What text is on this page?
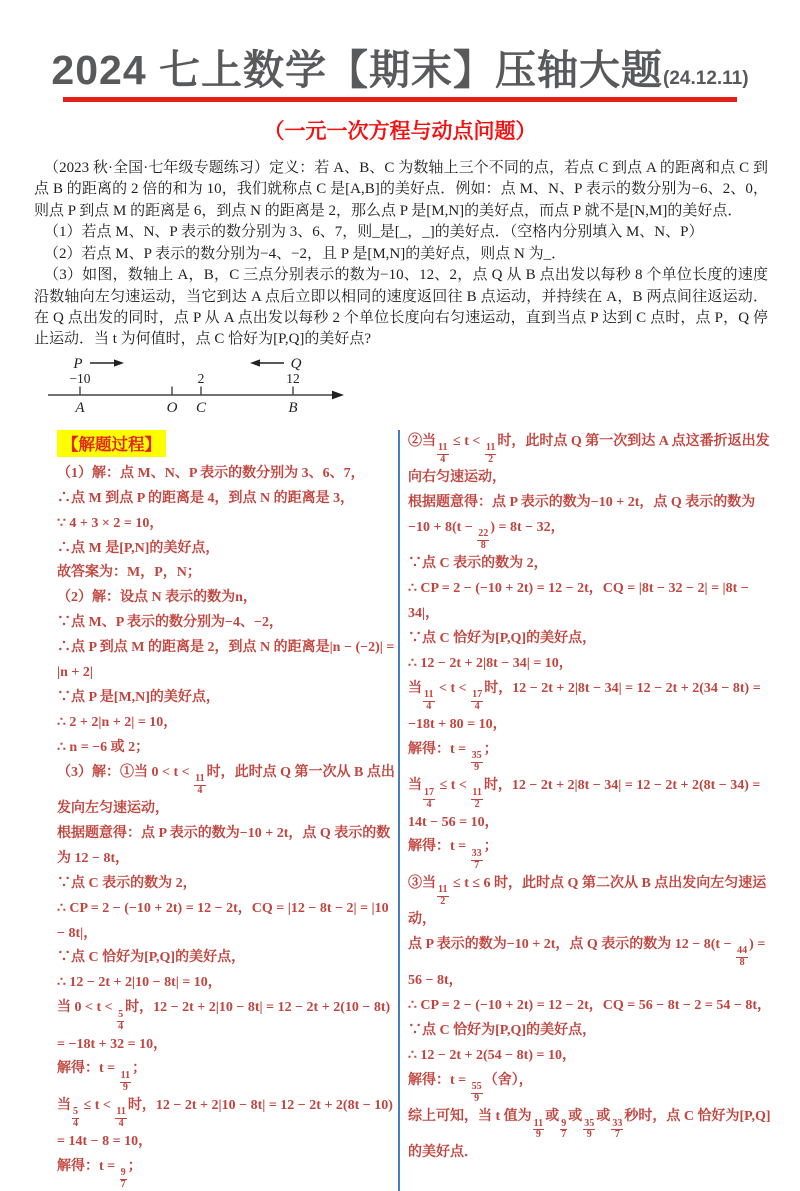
2024 七上数学【期末】压轴大题(24.12.11)
（一元一次方程与动点问题）

（2023 秋·全国·七年级专题练习）定义：若 A、B、C 为数轴上三个不同的点，若点 C 到点 A 的距离和点 C 到点 B 的距离的 2 倍的和为 10，我们就称点 C 是[A,B]的美好点．例如：点 M、N、P 表示的数分别为−6、2、0，则点 P 到点 M 的距离是 6，到点 N 的距离是 2，那么点 P 是[M,N]的美好点，而点 P 就不是[N,M]的美好点．

（1）若点 M、N、P 表示的数分别为 3、6、7，则_是[_，_]的美好点．（空格内分别填入 M、N、P）

（2）若点 M、P 表示的数分别为−4、−2，且 P 是[M,N]的美好点，则点 N 为_．

（3）如图，数轴上 A，B，C 三点分别表示的数为−10、12、2，点 Q 从 B 点出发以每秒 8 个单位长度的速度沿数轴向左匀速运动，当它到达 A 点后立即以相同的速度返回往 B 点运动，并持续在 A，B 两点间往返运动．在 Q 点出发的同时，点 P 从 A 点出发以每秒 2 个单位长度向右匀速运动，直到当点 P 达到 C 点时，点 P，Q 停止运动．当 t 为何值时，点 C 恰好为[P,Q]的美好点?

−10	2	12
A	O C	B
P	Q
【解题过程】
（1）解：点 M、N、P 表示的数分别为 3、6、7，
∴点 M 到点 P 的距离是 4，到点 N 的距离是 3，
∵ 4 + 3 × 2 = 10，
∴点 M 是[P,N]的美好点，
故答案为：M，P，N；
（2）解：设点 N 表示的数为n，
∵点 M、P 表示的数分别为−4、−2，
∴点 P 到点 M 的距离是 2，到点 N 的距离是|n − (−2)| = |n + 2|
∵点 P 是[M,N]的美好点，
∴ 2 + 2|n + 2| = 10，
∴ n = −6 或 2；
（3）解：①当 0 < t <
$\frac{11}{4}$
时，此时点 Q 第一次从 B 点出发向左匀速运动，
根据题意得：点 P 表示的数为−10 + 2t，点 Q 表示的数为 12 − 8t，
∵点 C 表示的数为 2，
∴ CP = 2 − (−10 + 2t) = 12 − 2t，CQ = |12 − 8t − 2| = |10 − 8t|，
∵点 C 恰好为[P,Q]的美好点，
∴ 12 − 2t + 2|10 − 8t| = 10，
当 0 < t <
$\frac{5}{4}$
时，12 − 2t + 2|10 − 8t| = 12 − 2t + 2(10 − 8t) = −18t + 32 = 10，
解得：t =
$\frac{11}{9}$
；
当
$\frac{5}{4}$
≤ t <
$\frac{11}{4}$
时，12 − 2t + 2|10 − 8t| = 12 − 2t + 2(8t − 10) = 14t − 8 = 10，
解得：t =
$\frac{9}{7}$
；
②当
$\frac{11}{4}$
≤ t <
$\frac{11}{2}$
时，此时点 Q 第一次到达 A 点这番折返出发向右匀速运动，
根据题意得：点 P 表示的数为−10 + 2t，点 Q 表示的数为−10 + 8(t −
$\frac{22}{8}$
) = 8t − 32，
∵点 C 表示的数为 2，
∴ CP = 2 − (−10 + 2t) = 12 − 2t，CQ = |8t − 32 − 2| = |8t − 34|，
∵点 C 恰好为[P,Q]的美好点，
∴ 12 − 2t + 2|8t − 34| = 10，
当
$\frac{11}{4}$
< t <
$\frac{17}{4}$
时，12 − 2t + 2|8t − 34| = 12 − 2t + 2(34 − 8t) = −18t + 80 = 10，
解得：t =
$\frac{35}{9}$
；
当
$\frac{17}{4}$
≤ t <
$\frac{11}{2}$
时，12 − 2t + 2|8t − 34| = 12 − 2t + 2(8t − 34) = 14t − 56 = 10，
解得：t =
$\frac{33}{7}$
；
③当
$\frac{11}{2}$
≤ t ≤ 6 时，此时点 Q 第二次从 B 点出发向左匀速运动，
点 P 表示的数为−10 + 2t，点 Q 表示的数为 12 − 8(t −
$\frac{44}{8}$
) = 56 − 8t，
∴ CP = 2 − (−10 + 2t) = 12 − 2t，CQ = 56 − 8t − 2 = 54 − 8t，
∵点 C 恰好为[P,Q]的美好点，
∴ 12 − 2t + 2(54 − 8t) = 10，
解得：t =
$\frac{55}{9}$
（舍），
综上可知，当 t 值为
$\frac{11}{9}$
或
$\frac{9}{7}$
或
$\frac{35}{9}$
或
$\frac{33}{7}$
秒时，点 C 恰好为[P,Q]的美好点．
